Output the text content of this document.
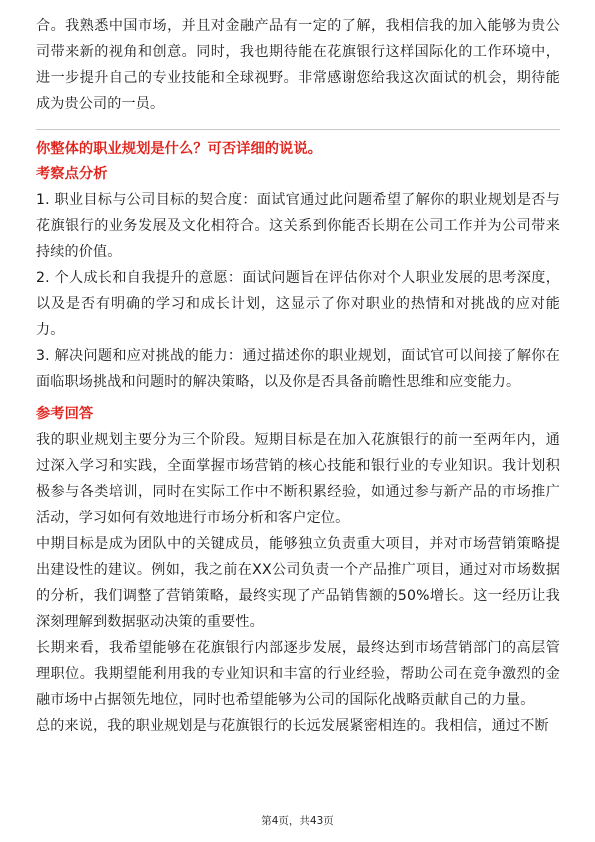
合。我熟悉中国市场，并且对金融产品有一定的了解，我相信我的加入能够为贵公司带来新的视角和创意。同时，我也期待能在花旗银行这样国际化的工作环境中，进一步提升自己的专业技能和全球视野。非常感谢您给我这次面试的机会，期待能成为贵公司的一员。

你整体的职业规划是什么？可否详细的说说。
考察点分析

1. 职业目标与公司目标的契合度：面试官通过此问题希望了解你的职业规划是否与花旗银行的业务发展及文化相符合。这关系到你能否长期在公司工作并为公司带来持续的价值。

2. 个人成长和自我提升的意愿：面试问题旨在评估你对个人职业发展的思考深度，以及是否有明确的学习和成长计划，这显示了你对职业的热情和对挑战的应对能力。

3. 解决问题和应对挑战的能力：通过描述你的职业规划，面试官可以间接了解你在面临职场挑战和问题时的解决策略，以及你是否具备前瞻性思维和应变能力。

参考回答

我的职业规划主要分为三个阶段。短期目标是在加入花旗银行的前一至两年内，通过深入学习和实践，全面掌握市场营销的核心技能和银行业的专业知识。我计划积极参与各类培训，同时在实际工作中不断积累经验，如通过参与新产品的市场推广活动，学习如何有效地进行市场分析和客户定位。

中期目标是成为团队中的关键成员，能够独立负责重大项目，并对市场营销策略提出建设性的建议。例如，我之前在XX公司负责一个产品推广项目，通过对市场数据的分析，我们调整了营销策略，最终实现了产品销售额的50%增长。这一经历让我深刻理解到数据驱动决策的重要性。

长期来看，我希望能够在花旗银行内部逐步发展，最终达到市场营销部门的高层管理职位。我期望能利用我的专业知识和丰富的行业经验，帮助公司在竞争激烈的金融市场中占据领先地位，同时也希望能够为公司的国际化战略贡献自己的力量。

总的来说，我的职业规划是与花旗银行的长远发展紧密相连的。我相信，通过不断

第4页，共43页
